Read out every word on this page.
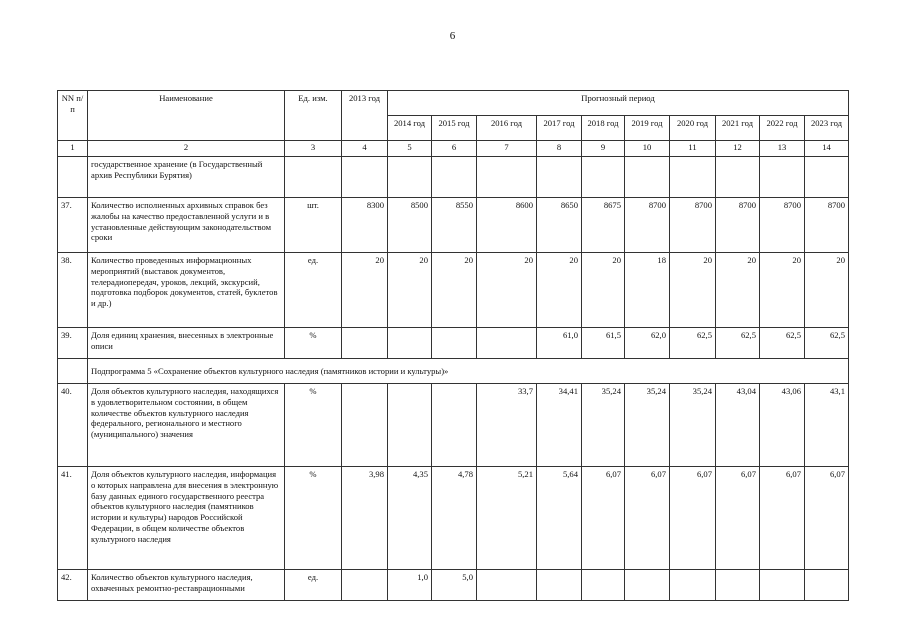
6
NN п/п	Наименование	Ед. изм.	2013 год	Прогнозный период									
				2014 год	2015 год	2016 год	2017 год	2018 год	2019 год	2020 год	2021 год	2022 год	2023 год
1	2	3	4	5	6	7	8	9	10	11	12	13	14
	государственное хранение (в Государственный архив Республики Бурятия)												
37.	Количество исполненных архивных справок без жалобы на качество предоставленной услуги и в установленные действующим законодательством сроки	шт.	8300	8500	8550	8600	8650	8675	8700	8700	8700	8700	8700
38.	Количество проведенных информационных мероприятий (выставок документов, телерадиопередач, уроков, лекций, экскурсий, подготовка подборок документов, статей, буклетов и др.)	ед.	20	20	20	20	20	20	18	20	20	20	20
39.	Доля единиц хранения, внесенных в электронные описи	%					61,0	61,5	62,0	62,5	62,5	62,5	62,5
	Подпрограмма 5 «Сохранение объектов культурного наследия (памятников истории и культуры)»												
40.	Доля объектов культурного наследия, находящихся в удовлетворительном состоянии, в общем количестве объектов культурного наследия федерального, регионального и местного (муниципального) значения	%				33,7	34,41	35,24	35,24	35,24	43,04	43,06	43,1
41.	Доля объектов культурного наследия, информация о которых направлена для внесения в электронную базу данных единого государственного реестра объектов культурного наследия (памятников истории и культуры) народов Российской Федерации, в общем количестве объектов культурного наследия	%	3,98	4,35	4,78	5,21	5,64	6,07	6,07	6,07	6,07	6,07	6,07
42.	Количество объектов культурного наследия, охваченных ремонтно-реставрационными	ед.		1,0	5,0								
